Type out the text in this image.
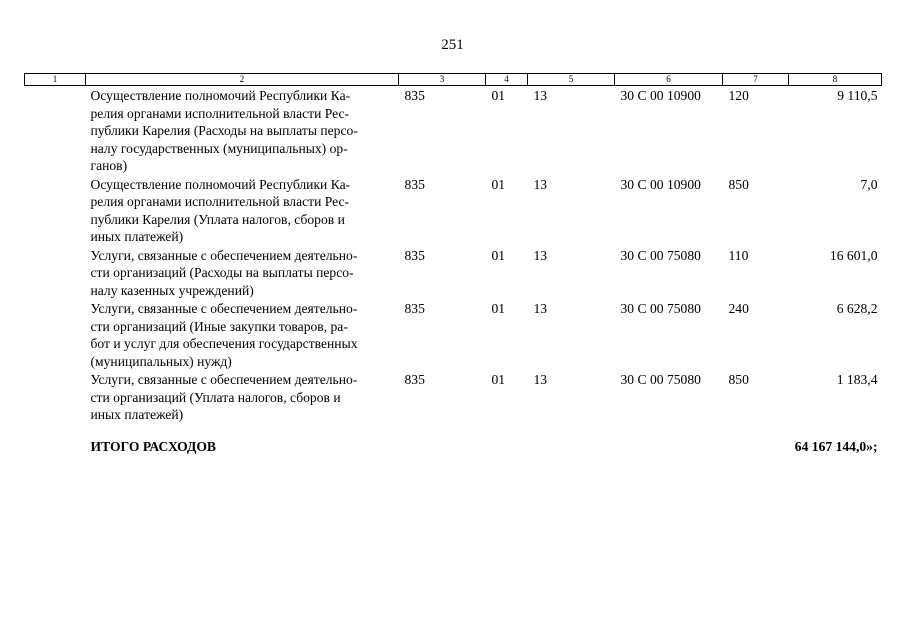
251
1	2	3	4	5	6	7	8

	Осуществление полномочий Республики Ка-
релия органами исполнительной власти Рес-
публики Карелия (Расходы на выплаты персо-
налу государственных (муниципальных) ор-
ганов)	835	01	13	30 С 00 10900	120	9 110,5

	Осуществление полномочий Республики Ка-
релия органами исполнительной власти Рес-
публики Карелия (Уплата налогов, сборов и
иных платежей)	835	01	13	30 С 00 10900	850	7,0

	Услуги, связанные с обеспечением деятельно-
сти организаций (Расходы на выплаты персо-
налу казенных учреждений)	835	01	13	30 С 00 75080	110	16 601,0

	Услуги, связанные с обеспечением деятельно-
сти организаций (Иные закупки товаров, ра-
бот и услуг для обеспечения государственных
(муниципальных) нужд)	835	01	13	30 С 00 75080	240	6 628,2

	Услуги, связанные с обеспечением деятельно-
сти организаций (Уплата налогов, сборов и
иных платежей)	835	01	13	30 С 00 75080	850	1 183,4
	ИТОГО РАСХОДОВ						64 167 144,0»;
